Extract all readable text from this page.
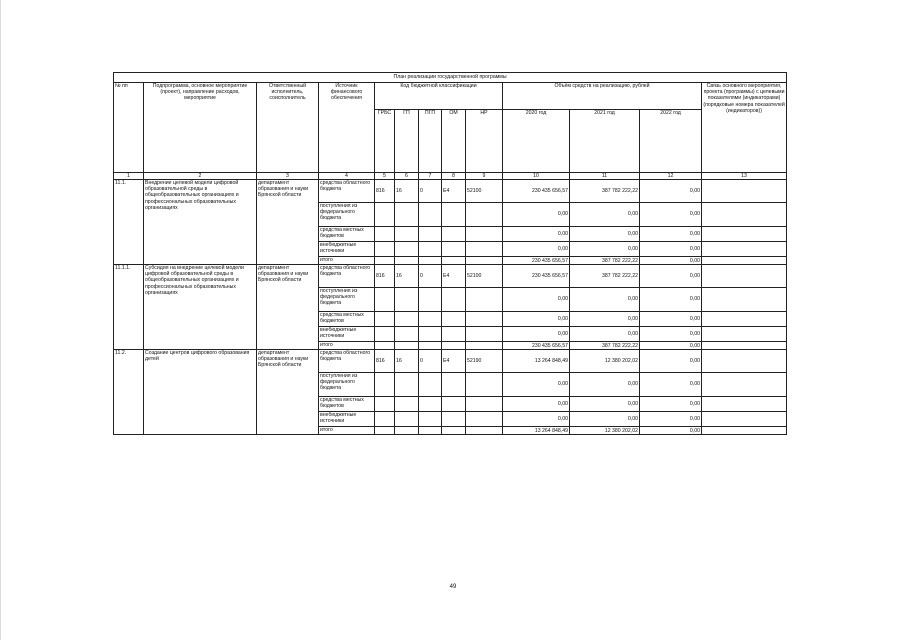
План реализации государственной программы												
№ пп	Подпрограмма, основное мероприятие (проект), направление расходов, мероприятие	Ответственный исполнитель, соисполнитель	Источник финансового обеспечения	Код бюджетной классификации					Объём средств на реализацию, рублей			Связь основного мероприятия, проекта (программы) с целевыми показателями (индикаторами) (порядковые номера показателей (индикаторов))
				ГРБС	ГП	ПГП	ОМ	НР	2020 год	2021 год	2022 год	
1	2	3	4	5	6	7	8	9	10	11	12	13
11.1.	Внедрение целевой модели цифровой образовательной среды в общеобразовательных организациях и профессиональных образовательных организациях	департамент образования и науки Брянской области	средства областного бюджета	816	16	0	E4	52100	230 435 656,57	387 782 222,22	0,00	
			поступления из федерального бюджета						0,00	0,00	0,00	
			средства местных бюджетов						0,00	0,00	0,00	
			внебюджетные источники						0,00	0,00	0,00	
			итого						230 435 656,57	387 782 222,22	0,00	
11.1.1.	Субсидия на внедрение целевой модели цифровой образовательной среды в общеобразовательных организациях и профессиональных образовательных организациях	департамент образования и науки Брянской области	средства областного бюджета	816	16	0	E4	52100	230 435 656,57	387 782 222,22	0,00	
			поступления из федерального бюджета						0,00	0,00	0,00	
			средства местных бюджетов						0,00	0,00	0,00	
			внебюджетные источники						0,00	0,00	0,00	
			итого						230 435 656,57	387 782 222,22	0,00	
11.2.	Создание центров цифрового образования детей	департамент образования и науки Брянской области	средства областного бюджета	816	16	0	E4	52190	13 264 848,49	12 380 202,02	0,00	
			поступления из федерального бюджета						0,00	0,00	0,00	
			средства местных бюджетов						0,00	0,00	0,00	
			внебюджетные источники						0,00	0,00	0,00	
			итого						13 264 848,49	12 380 202,02	0,00	
49
